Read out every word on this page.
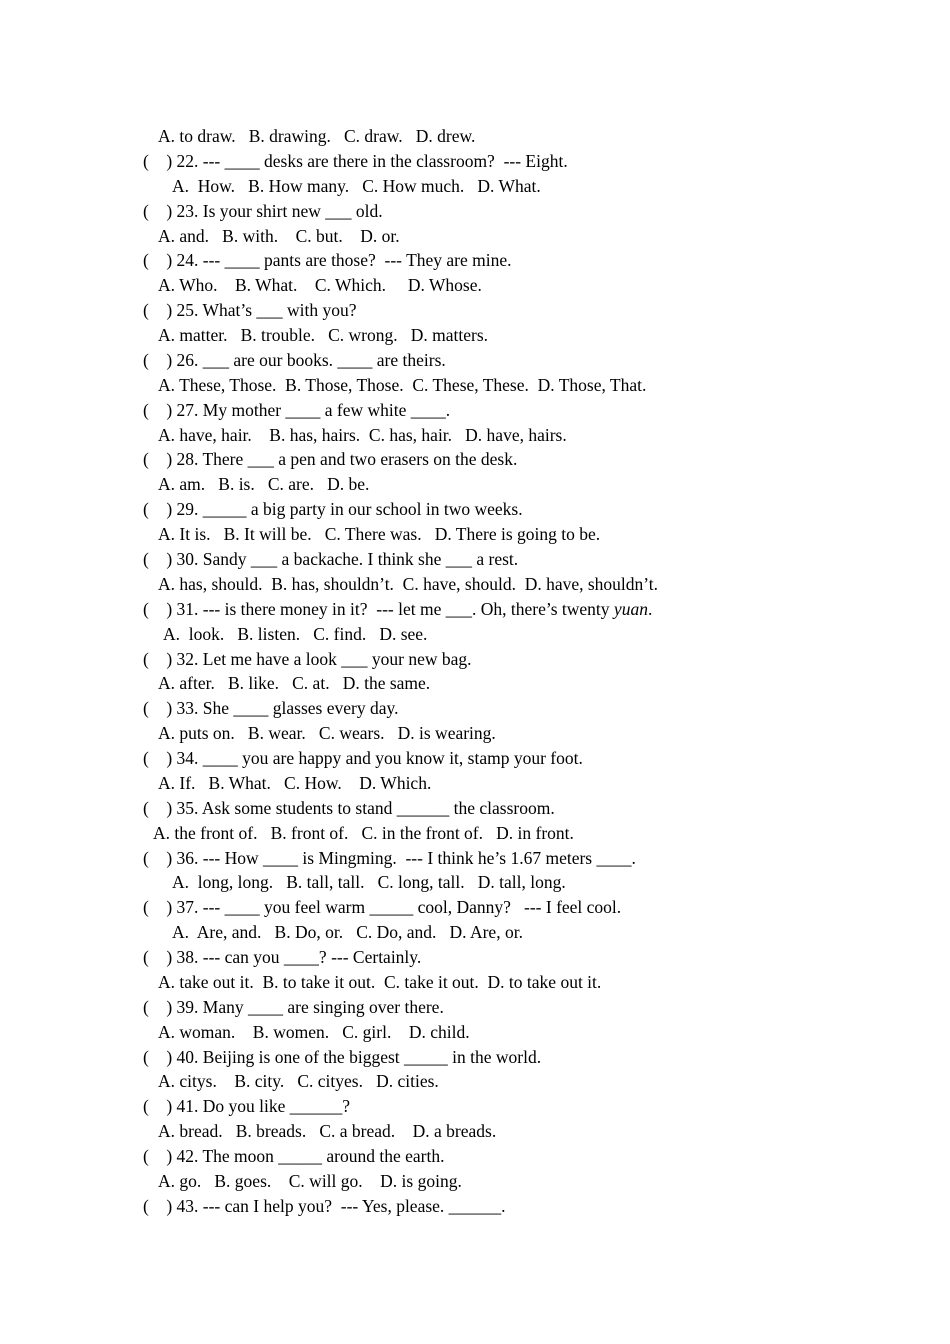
A. to draw.   B. drawing.   C. draw.   D. drew.
(    ) 22. --- ____ desks are there in the classroom?  --- Eight.
A.  How.   B. How many.   C. How much.   D. What.
(    ) 23. Is your shirt new ___ old.
A. and.   B. with.    C. but.    D. or.
(    ) 24. --- ____ pants are those?  --- They are mine.
A. Who.    B. What.    C. Which.     D. Whose.
(    ) 25. What’s ___ with you?
A. matter.   B. trouble.   C. wrong.   D. matters.
(    ) 26. ___ are our books. ____ are theirs.
A. These, Those.  B. Those, Those.  C. These, These.  D. Those, That.
(    ) 27. My mother ____ a few white ____.
A. have, hair.    B. has, hairs.  C. has, hair.   D. have, hairs.
(    ) 28. There ___ a pen and two erasers on the desk.
A. am.   B. is.   C. are.   D. be.
(    ) 29. _____ a big party in our school in two weeks.
A. It is.   B. It will be.   C. There was.   D. There is going to be.
(    ) 30. Sandy ___ a backache. I think she ___ a rest.
A. has, should.  B. has, shouldn’t.  C. have, should.  D. have, shouldn’t.
(    ) 31. --- is there money in it?  --- let me ___. Oh, there’s twenty yuan.
A.  look.   B. listen.   C. find.   D. see.
(    ) 32. Let me have a look ___ your new bag.
A. after.   B. like.   C. at.   D. the same.
(    ) 33. She ____ glasses every day.
A. puts on.   B. wear.   C. wears.   D. is wearing.
(    ) 34. ____ you are happy and you know it, stamp your foot.
A. If.   B. What.   C. How.    D. Which.
(    ) 35. Ask some students to stand ______ the classroom.
A. the front of.   B. front of.   C. in the front of.   D. in front.
(    ) 36. --- How ____ is Mingming.  --- I think he’s 1.67 meters ____.
A.  long, long.   B. tall, tall.   C. long, tall.   D. tall, long.
(    ) 37. --- ____ you feel warm _____ cool, Danny?   --- I feel cool.
A.  Are, and.   B. Do, or.   C. Do, and.   D. Are, or.
(    ) 38. --- can you ____? --- Certainly.
A. take out it.  B. to take it out.  C. take it out.  D. to take out it.
(    ) 39. Many ____ are singing over there.
A. woman.    B. women.   C. girl.    D. child.
(    ) 40. Beijing is one of the biggest _____ in the world.
A. citys.    B. city.   C. cityes.   D. cities.
(    ) 41. Do you like ______?
A. bread.   B. breads.   C. a bread.    D. a breads.
(    ) 42. The moon _____ around the earth.
A. go.   B. goes.    C. will go.    D. is going.
(    ) 43. --- can I help you?  --- Yes, please. ______.
